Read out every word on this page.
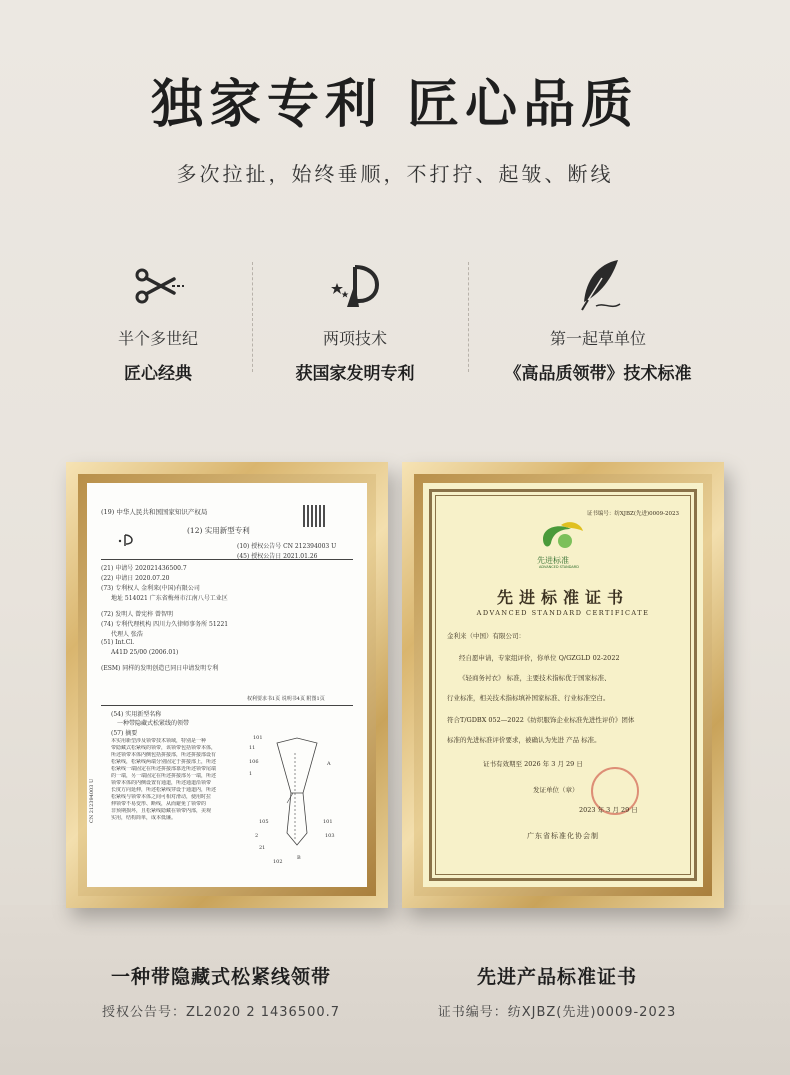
独家专利 匠心品质
多次拉扯，始终垂顺，不打拧、起皱、断线
半个多世纪
匠心经典
两项技术
获国家发明专利
第一起草单位
《高品质领带》技术标准
(19) 中华人民共和国国家知识产权局
(12) 实用新型专利
(10) 授权公告号 CN 212394003 U
(45) 授权公告日 2021.01.26
(21) 申请号 202021436500.7
(22) 申请日 2020.07.20
(73) 专利权人 金利来(中国)有限公司
地址 514021 广东省梅州市江南八号工业区
(72) 发明人 曾宪梓 曾智明
(74) 专利代理机构 四川力久律师事务所 51221
代理人 张浩
(51) Int.Cl.
A41D 25/00 (2006.01)
(ESM) 同样的发明创造已同日申请发明专利
权利要求书1页 说明书4页 附图1页
(54) 实用新型名称
一种带隐藏式松紧线的领带
(57) 摘要
本实用新型涉及领带技术领域，特别是一种
带隐藏式松紧线的领带，该领带包括领带本体，
所述领带本体内侧包括拼接部，所述拼接部设有
松紧线，松紧线两端分别固定于拼接部上，所述
松紧线一端固定在所述拼接部靠近所述领带尾端
的一端，另一端固定在所述拼接部另一端，所述
领带本体的内侧设置有通道，所述通道沿领带
长度方向延伸，所述松紧线穿设于通道内，所述
松紧线与领带本体之间可相对滑动，使用时拉
伸领带不易变形、断线，从而避免了领带的
非预期损坏，且松紧线隐藏在领带内部，美观
实用，结构简单，成本低廉。
CN 212394003 U
101
11
106
1
A
105
2
21
B
102
103
101
证书编号：纺XJBZ(先进)0009-2023
先进标准
ADVANCED STANDARD
先进标准证书
ADVANCED STANDARD CERTIFICATE
金利来（中国）有限公司：
经自愿申请，专家组评价，你单位 Q/GZGLD 02-2022
《轻商务衬衣》 标准，主要技术指标优于国家标准、
行业标准，相关技术指标填补国家标准、行业标准空白。
符合T/GDBX 052—2022《纺织服饰企业标准先进性评价》团体
标准的先进标准评价要求，被确认为先进 产品 标准。
证书有效期至 2026 年 3 月 29 日
发证单位（章）
2023 年 3 月 29 日
广东省标准化协会制
一种带隐藏式松紧线领带
授权公告号：ZL2020 2 1436500.7
先进产品标准证书
证书编号：纺XJBZ(先进)0009-2023
